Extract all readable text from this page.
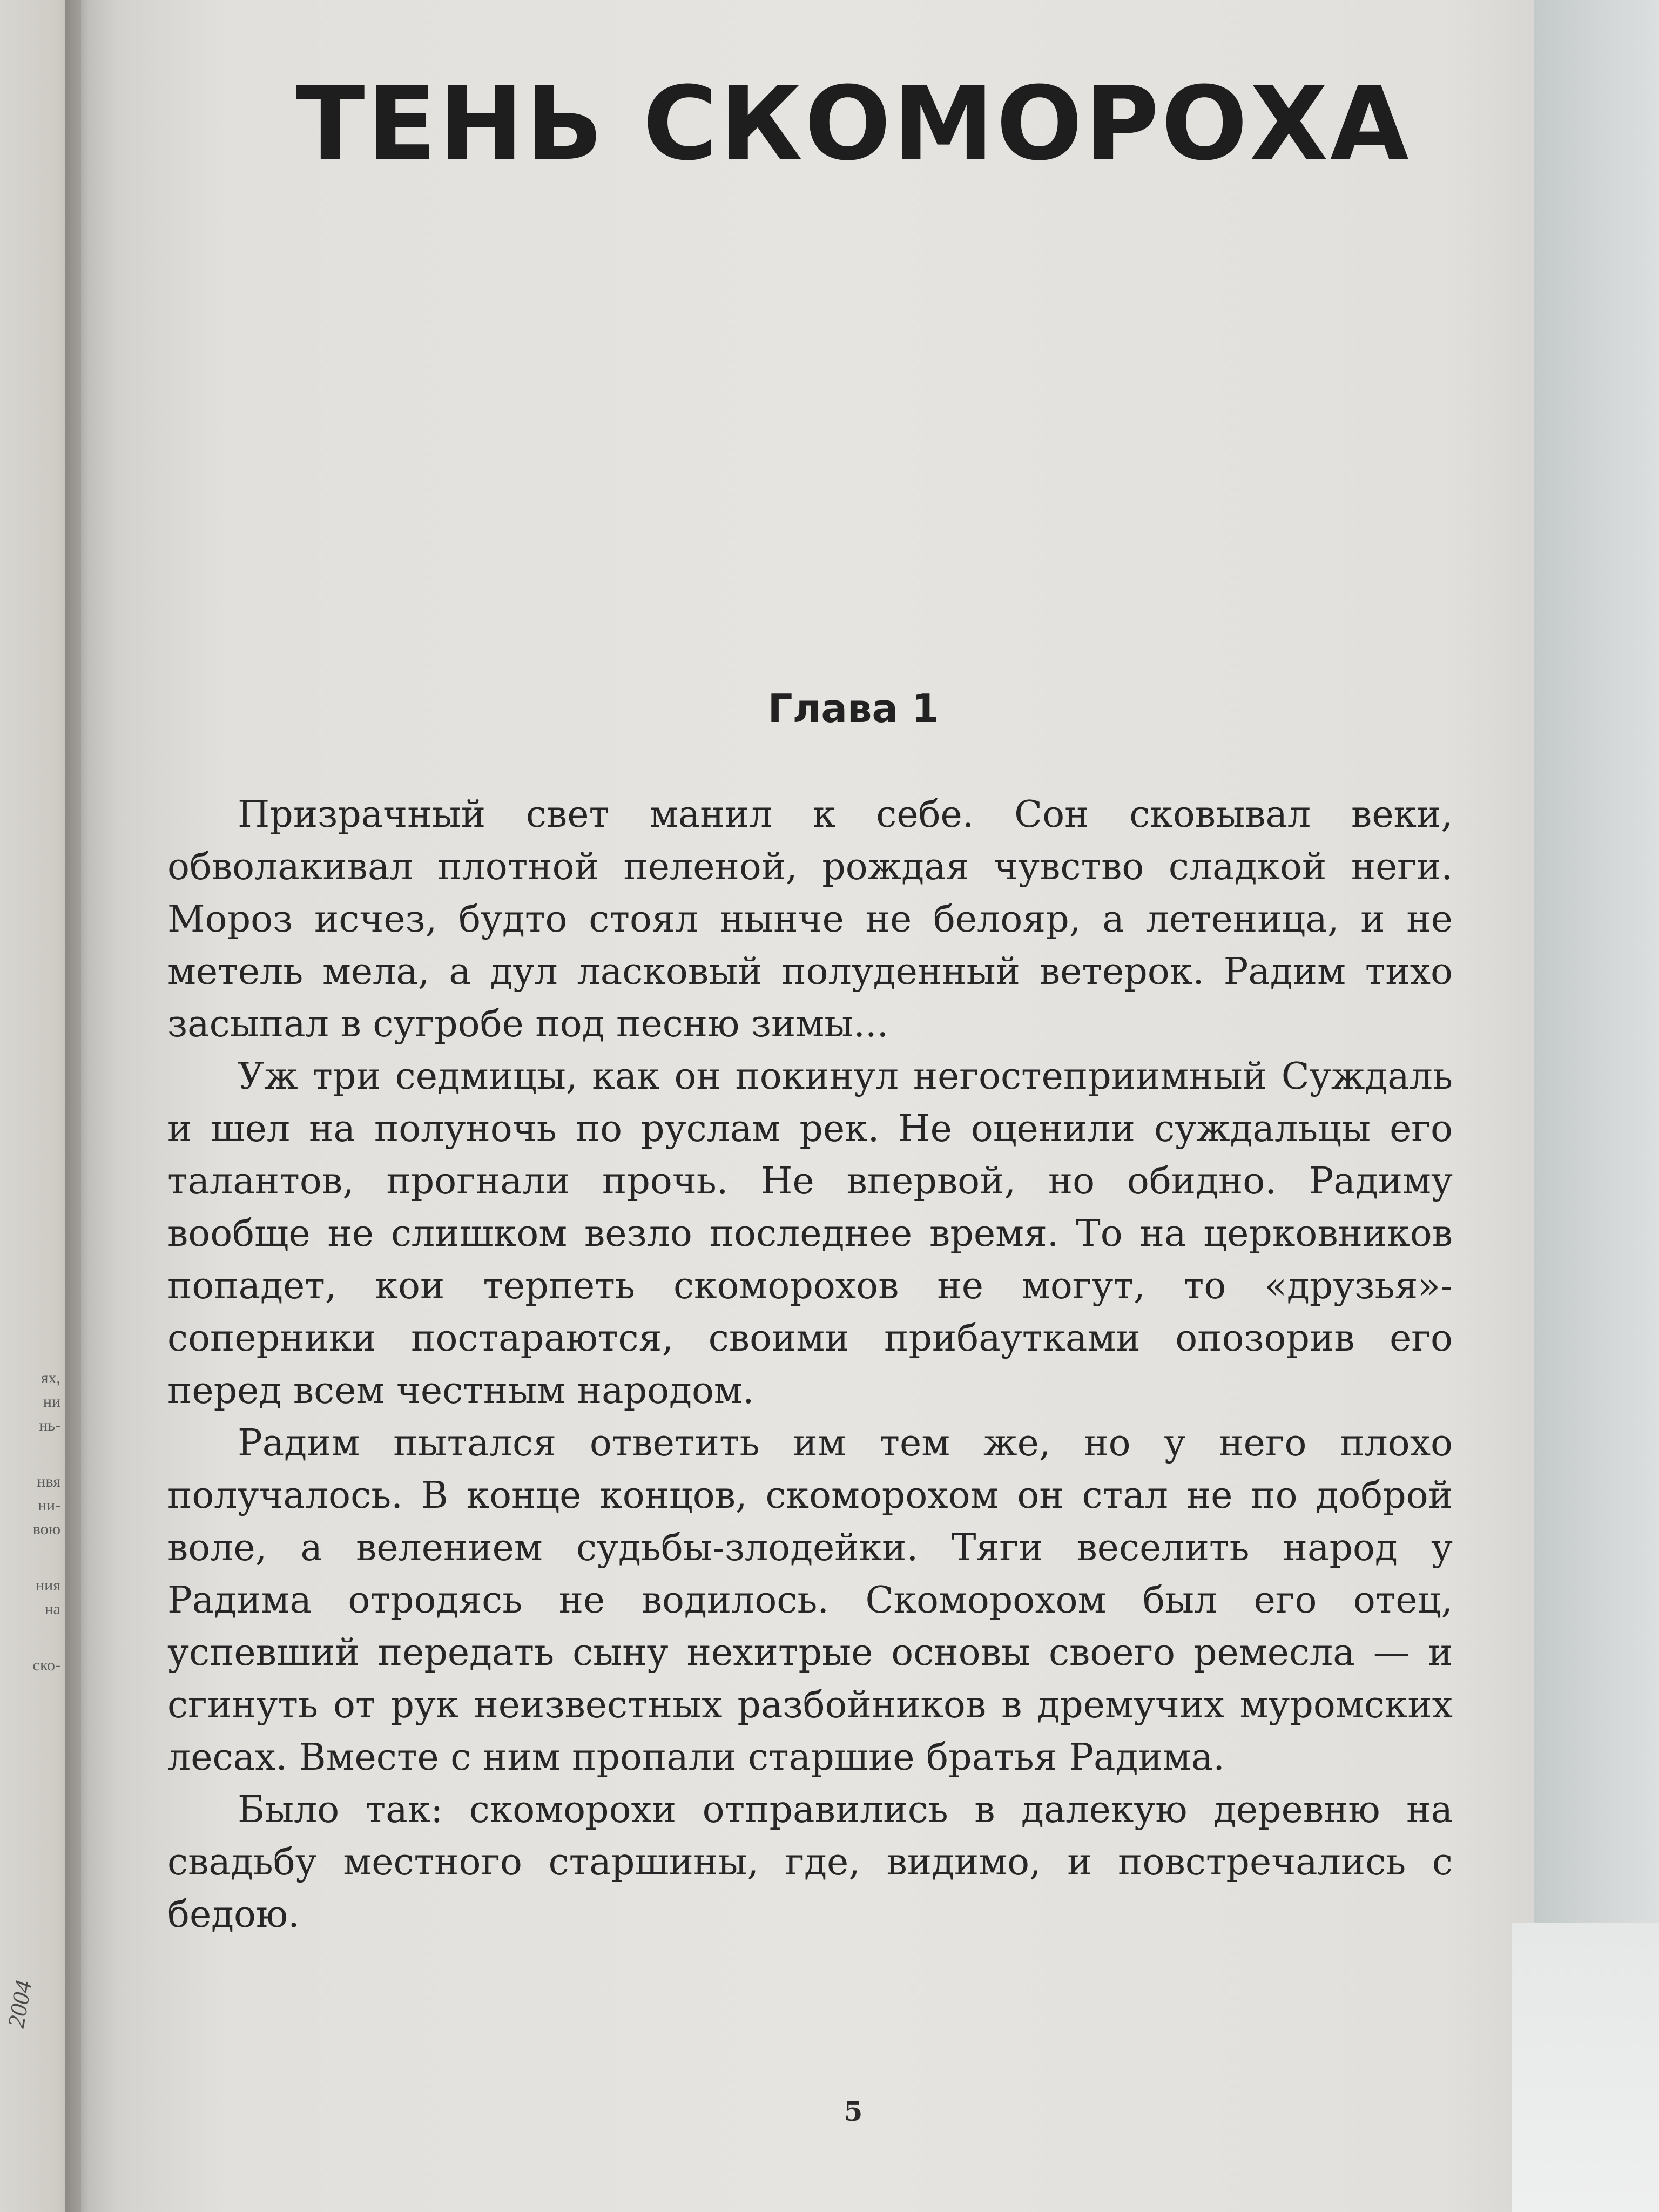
ях,
ни
нь-
нвя
ни-
вою
ния
на
ско-
2004
ТЕНЬ СКОМОРОХА
Глава 1

Призрачный свет манил к себе. Сон сковывал веки, обволакивал плотной пеленой, рождая чувство сладкой неги. Мороз исчез, будто стоял нынче не белояр, а летеница, и не метель мела, а дул ласковый полуденный ветерок. Радим тихо засыпал в сугробе под песню зимы...

Уж три седмицы, как он покинул негостеприимный Суждаль и шел на полуночь по руслам рек. Не оценили суждальцы его талантов, прогнали прочь. Не впервой, но обидно. Радиму вообще не слишком везло последнее время. То на церковников попадет, кои терпеть скоморохов не могут, то «друзья»-соперники постараются, своими прибаутками опозорив его перед всем честным народом.

Радим пытался ответить им тем же, но у него плохо получалось. В конце концов, скоморохом он стал не по доброй воле, а велением судьбы-злодейки. Тяги веселить народ у Радима отродясь не водилось. Скоморохом был его отец, успевший передать сыну нехитрые основы своего ремесла — и сгинуть от рук неизвестных разбойников в дремучих муромских лесах. Вместе с ним пропали старшие братья Радима.

Было так: скоморохи отправились в далекую деревню на свадьбу местного старшины, где, видимо, и повстречались с бедою.

5
